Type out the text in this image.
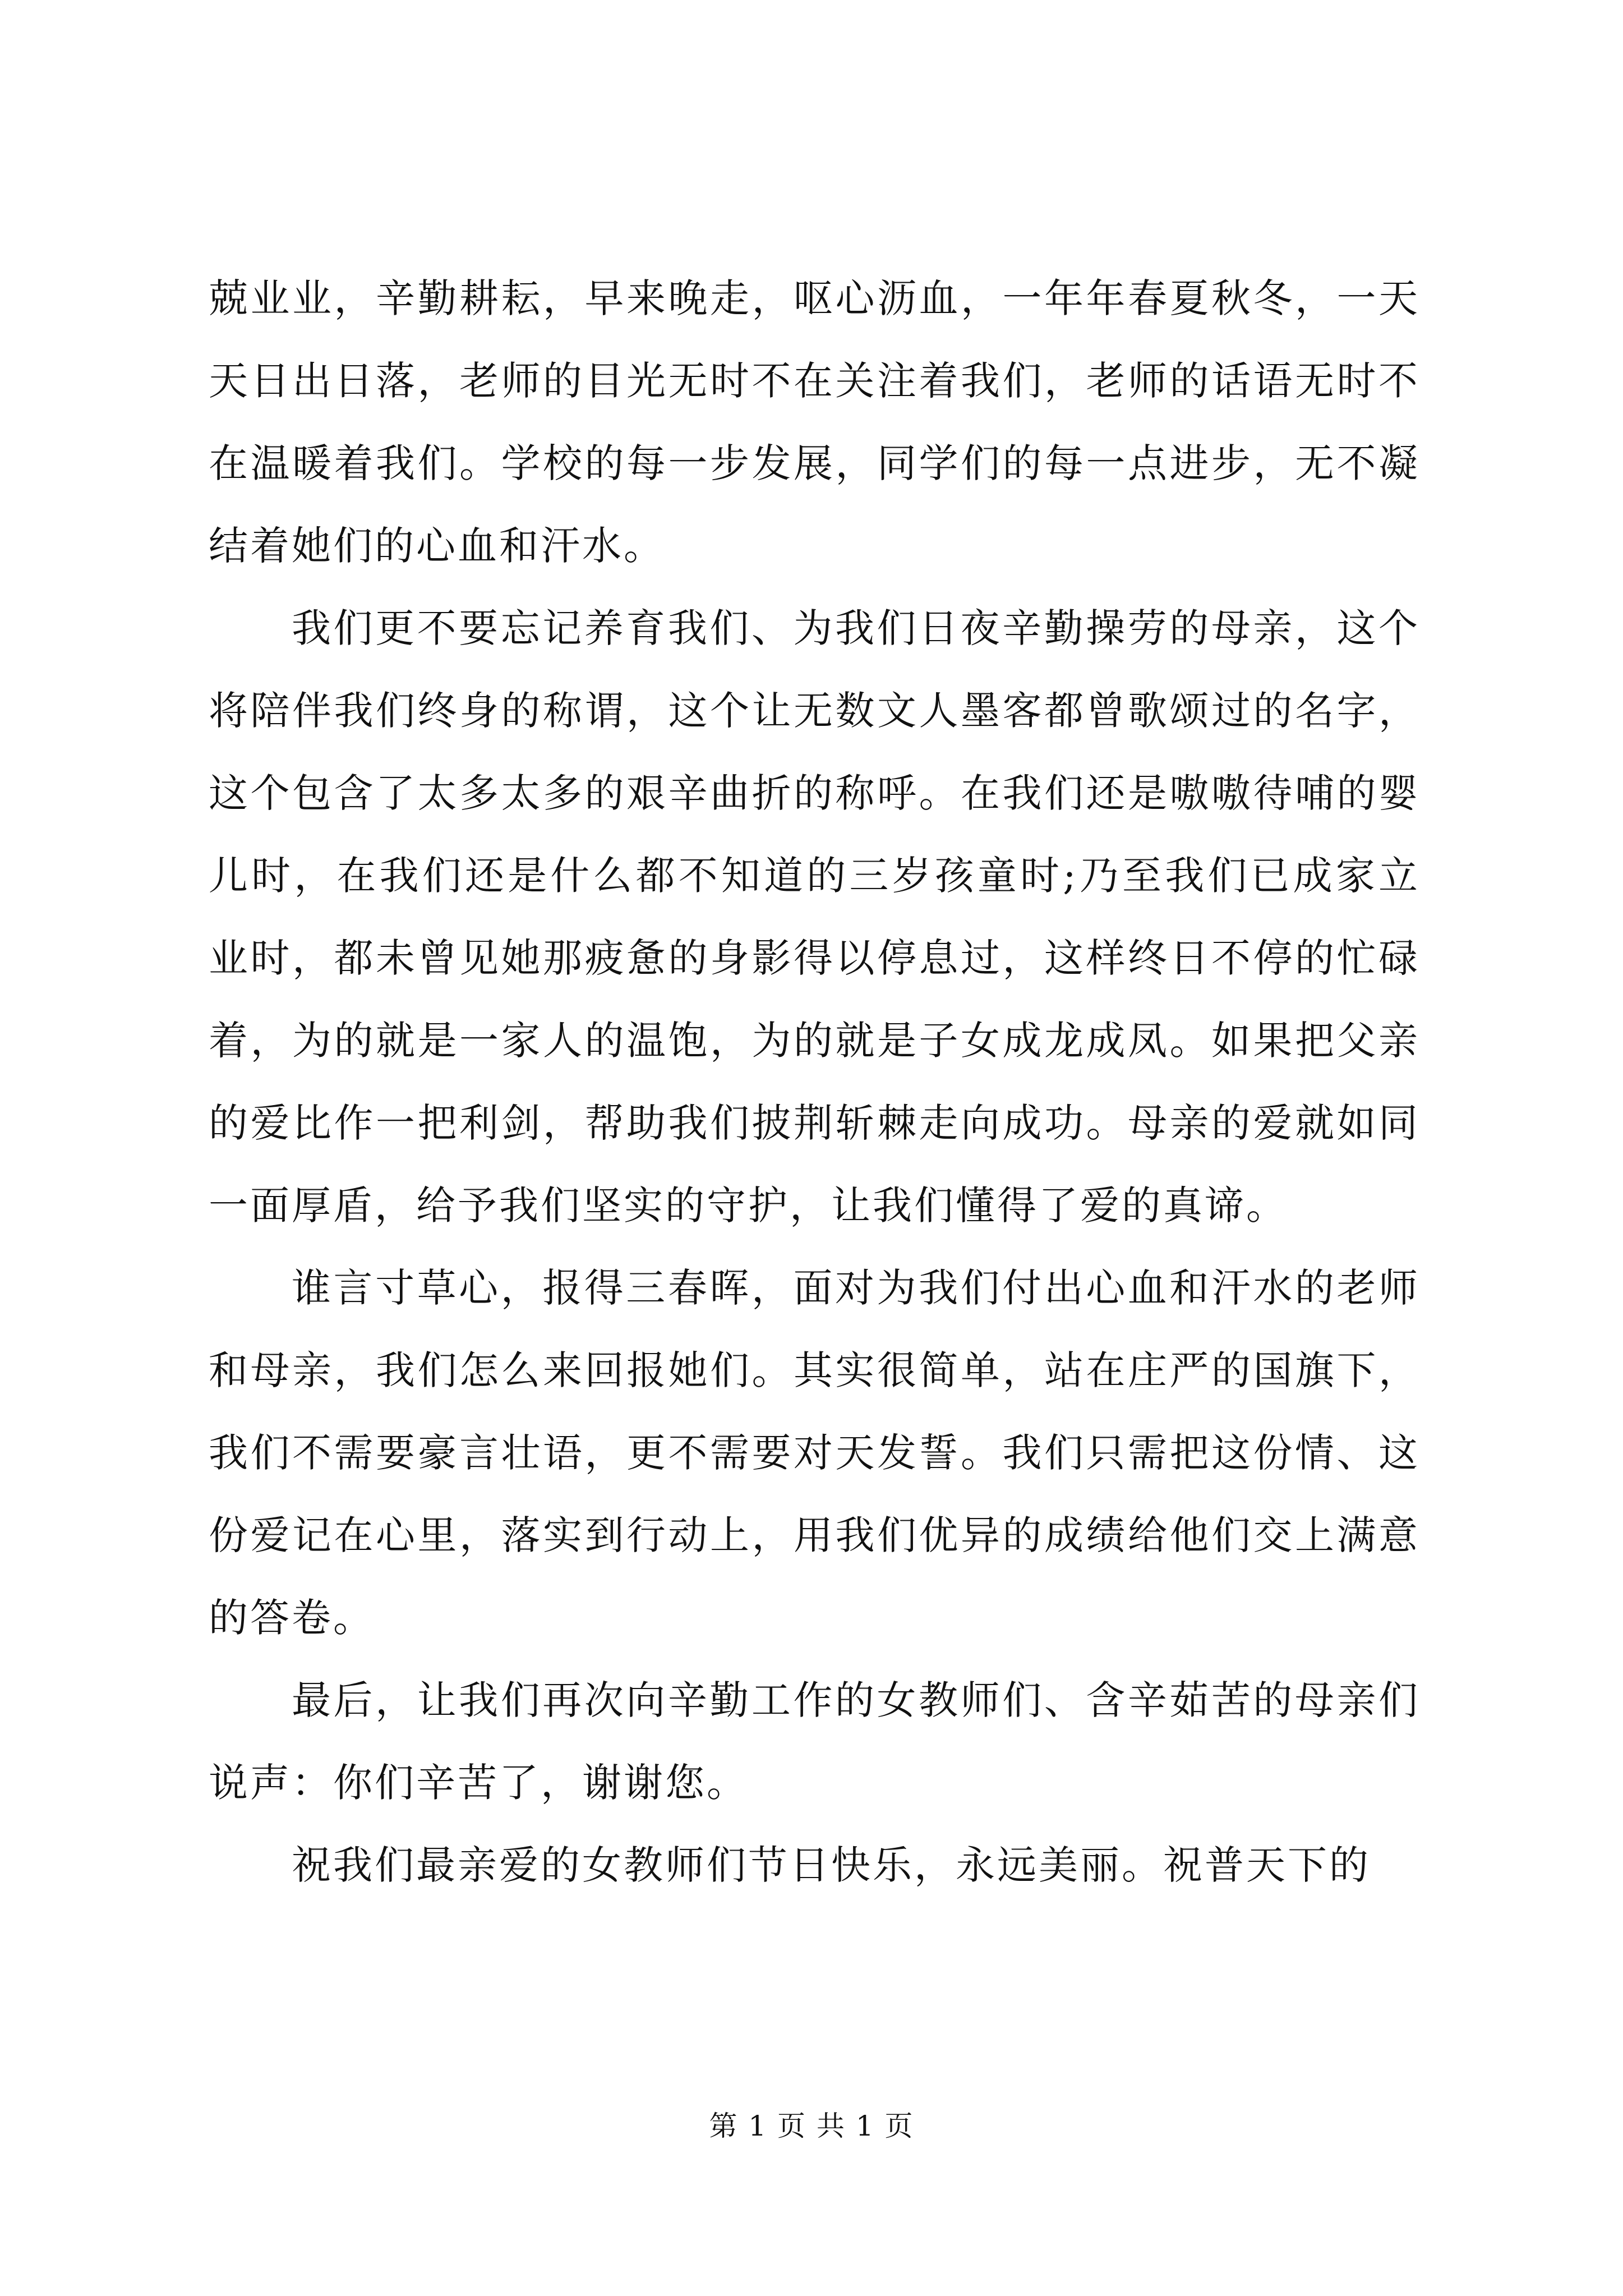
兢业业，辛勤耕耘，早来晚走，呕心沥血，一年年春夏秋冬，一天天日出日落，老师的目光无时不在关注着我们，老师的话语无时不在温暖着我们。学校的每一步发展，同学们的每一点进步，无不凝结着她们的心血和汗水。

我们更不要忘记养育我们、为我们日夜辛勤操劳的母亲，这个将陪伴我们终身的称谓，这个让无数文人墨客都曾歌颂过的名字，这个包含了太多太多的艰辛曲折的称呼。在我们还是嗷嗷待哺的婴儿时，在我们还是什么都不知道的三岁孩童时;乃至我们已成家立业时，都未曾见她那疲惫的身影得以停息过，这样终日不停的忙碌着，为的就是一家人的温饱，为的就是子女成龙成凤。如果把父亲的爱比作一把利剑，帮助我们披荆斩棘走向成功。母亲的爱就如同一面厚盾，给予我们坚实的守护，让我们懂得了爱的真谛。

谁言寸草心，报得三春晖，面对为我们付出心血和汗水的老师和母亲，我们怎么来回报她们。其实很简单，站在庄严的国旗下，我们不需要豪言壮语，更不需要对天发誓。我们只需把这份情、这份爱记在心里，落实到行动上，用我们优异的成绩给他们交上满意的答卷。

最后，让我们再次向辛勤工作的女教师们、含辛茹苦的母亲们说声：你们辛苦了，谢谢您。

祝我们最亲爱的女教师们节日快乐，永远美丽。祝普天下的

第 1 页 共 1 页
